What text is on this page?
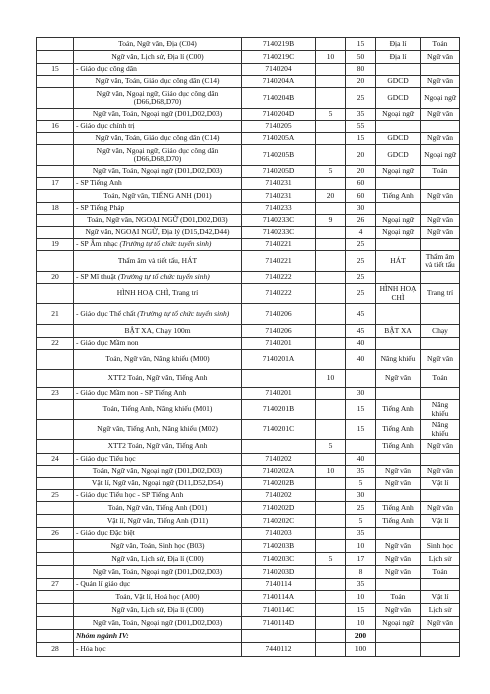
	Toán, Ngữ văn, Địa (C04)	7140219B		15	Địa lí	Toán
	Ngữ văn, Lịch sử, Địa lí (C00)	7140219C	10	50	Địa lí	Ngữ văn
15	- Giáo dục công dân	7140204		80		
	Ngữ văn, Toán, Giáo dục công dân (C14)	7140204A		20	GDCD	Ngữ văn
	Ngữ văn, Ngoại ngữ, Giáo dục công dân (D66,D68,D70)	7140204B		25	GDCD	Ngoại ngữ
	Ngữ văn, Toán, Ngoại ngữ (D01,D02,D03)	7140204D	5	35	Ngoại ngữ	Ngữ văn
16	- Giáo dục chính trị	7140205		55		
	Ngữ văn, Toán, Giáo dục công dân (C14)	7140205A		15	GDCD	Ngữ văn
	Ngữ văn, Ngoại ngữ, Giáo dục công dân (D66,D68,D70)	7140205B		20	GDCD	Ngoại ngữ
	Ngữ văn, Toán, Ngoại ngữ (D01,D02,D03)	7140205D	5	20	Ngoại ngữ	Toán
17	- SP Tiếng Anh	7140231		60		
	Toán, Ngữ văn, TIẾNG ANH (D01)	7140231	20	60	Tiếng Anh	Ngữ văn
18	- SP Tiếng Pháp	7140233		30		
	Toán, Ngữ văn, NGOẠI NGỮ (D01,D02,D03)	7140233C	9	26	Ngoại ngữ	Ngữ văn
	Ngữ văn, NGOẠI NGỮ, Địa lý (D15,D42,D44)	7140233C		4	Ngoại ngữ	Ngữ văn
19	- SP Âm nhạc (Trường tự tổ chức tuyển sinh)	7140221		25		
	Thẩm âm và tiết tấu, HÁT	7140221		25	HÁT	Thẩm âm và tiết tấu
20	- SP Mĩ thuật (Trường tự tổ chức tuyển sinh)	7140222		25		
	HÌNH HOẠ CHÌ, Trang trí	7140222		25	HÌNH HOẠ CHÌ	Trang trí
21	- Giáo dục Thể chất (Trường tự tổ chức tuyển sinh)	7140206		45		
	BẬT XA, Chạy 100m	7140206		45	BẬT XA	Chạy
22	- Giáo dục Mầm non	7140201		40		
	Toán, Ngữ văn, Năng khiếu (M00)	7140201A		40	Năng khiếu	Ngữ văn
	XTT2 Toán, Ngữ văn, Tiếng Anh		10		Ngữ văn	Toán
23	- Giáo dục Mầm non - SP Tiếng Anh	7140201		30		
	Toán, Tiếng Anh, Năng khiếu (M01)	7140201B		15	Tiếng Anh	Năng khiếu
	Ngữ văn, Tiếng Anh, Năng khiếu (M02)	7140201C		15	Tiếng Anh	Năng khiếu
	XTT2 Toán, Ngữ văn, Tiếng Anh		5		Tiếng Anh	Ngữ văn
24	- Giáo dục Tiểu học	7140202		40		
	Toán, Ngữ văn, Ngoại ngữ (D01,D02,D03)	7140202A	10	35	Ngữ văn	Ngữ văn
	Vật lí, Ngữ văn, Ngoại ngữ (D11,D52,D54)	7140202B		5	Ngữ văn	Vật lí
25	- Giáo dục Tiểu học - SP Tiếng Anh	7140202		30		
	Toán, Ngữ văn, Tiếng Anh (D01)	7140202D		25	Tiếng Anh	Ngữ văn
	Vật lí, Ngữ văn, Tiếng Anh (D11)	7140202C		5	Tiếng Anh	Vật lí
26	- Giáo dục Đặc biệt	7140203		35		
	Ngữ văn, Toán, Sinh học (B03)	7140203B		10	Ngữ văn	Sinh học
	Ngữ văn, Lịch sử, Địa lí (C00)	7140203C	5	17	Ngữ văn	Lịch sử
	Ngữ văn, Toán, Ngoại ngữ (D01,D02,D03)	7140203D		8	Ngữ văn	Toán
27	- Quản lí giáo dục	7140114		35		
	Toán, Vật lí, Hoá học (A00)	7140114A		10	Toán	Vật lí
	Ngữ văn, Lịch sử, Địa lí (C00)	7140114C		15	Ngữ văn	Lịch sử
	Ngữ văn, Toán, Ngoại ngữ (D01,D02,D03)	7140114D		10	Ngoại ngữ	Ngữ văn
	Nhóm ngành IV:			200		
28	- Hóa học	7440112		100		
